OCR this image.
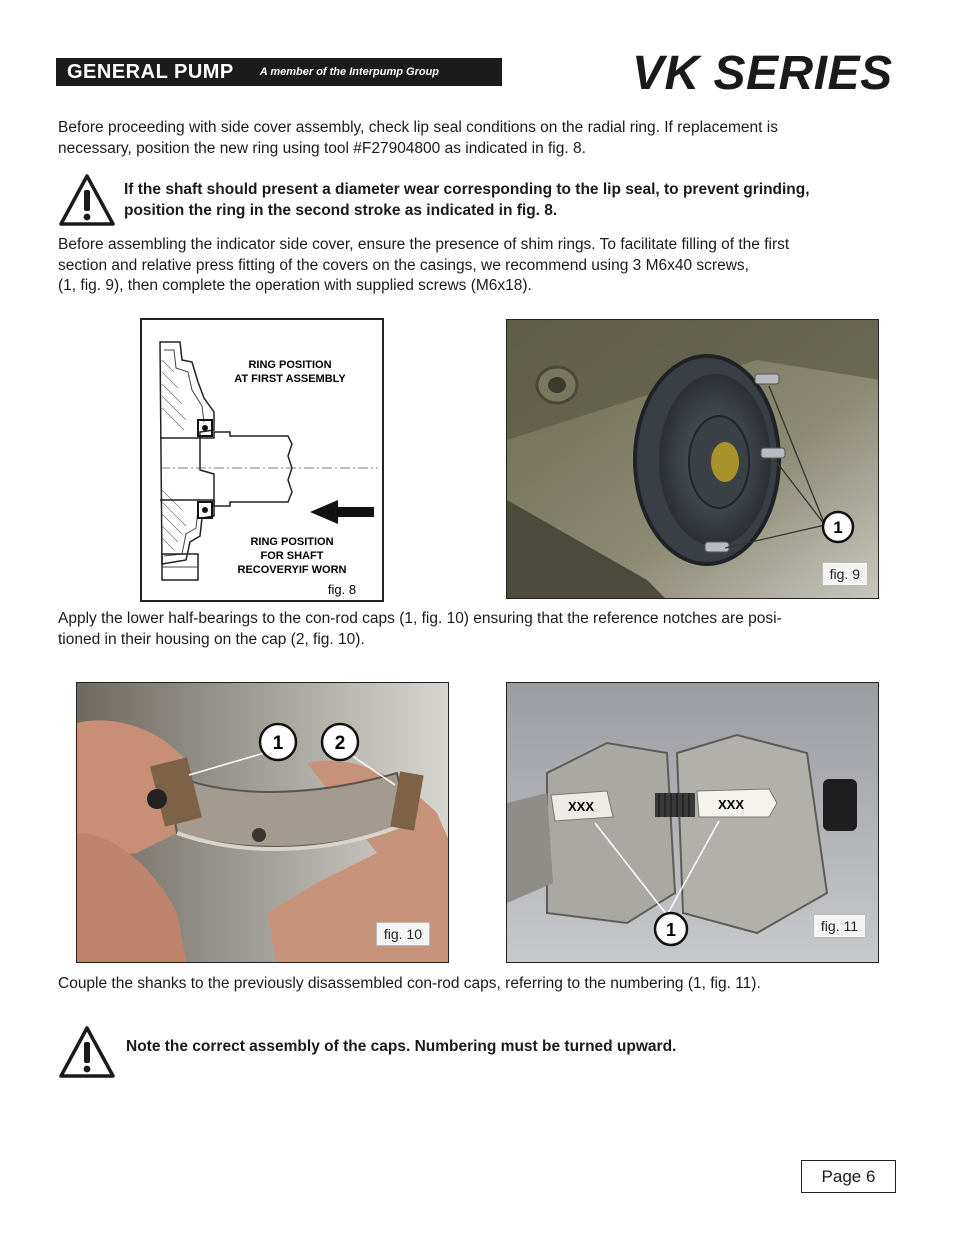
GENERAL PUMP A member of the Interpump Group	VK SERIES

Before proceeding with side cover assembly, check lip seal conditions on the radial ring. If replacement is
necessary, position the new ring using tool #F27904800 as indicated in fig. 8.

If the shaft should present a diameter wear corresponding to the lip seal, to prevent grinding,
position the ring in the second stroke as indicated in fig. 8.

Before assembling the indicator side cover, ensure the presence of shim rings. To facilitate filling of the first
section and relative press fitting of the covers on the casings, we recommend using 3 M6x40 screws,
(1, fig. 9), then complete the operation with supplied screws (M6x18).

RING POSITION
AT FIRST ASSEMBLY
RING POSITION
FOR SHAFT
RECOVERYIF WORN
fig. 8
1
fig. 9

Apply the lower half-bearings to the con-rod caps (1, fig. 10) ensuring that the reference notches are posi-
tioned in their housing on the cap (2, fig. 10).

1	2
fig. 10
XXX	XXX
1	fig. 11

Couple the shanks to the previously disassembled con-rod caps, referring to the numbering (1, fig. 11).

Note the correct assembly of the caps. Numbering must be turned upward.
Page 6
